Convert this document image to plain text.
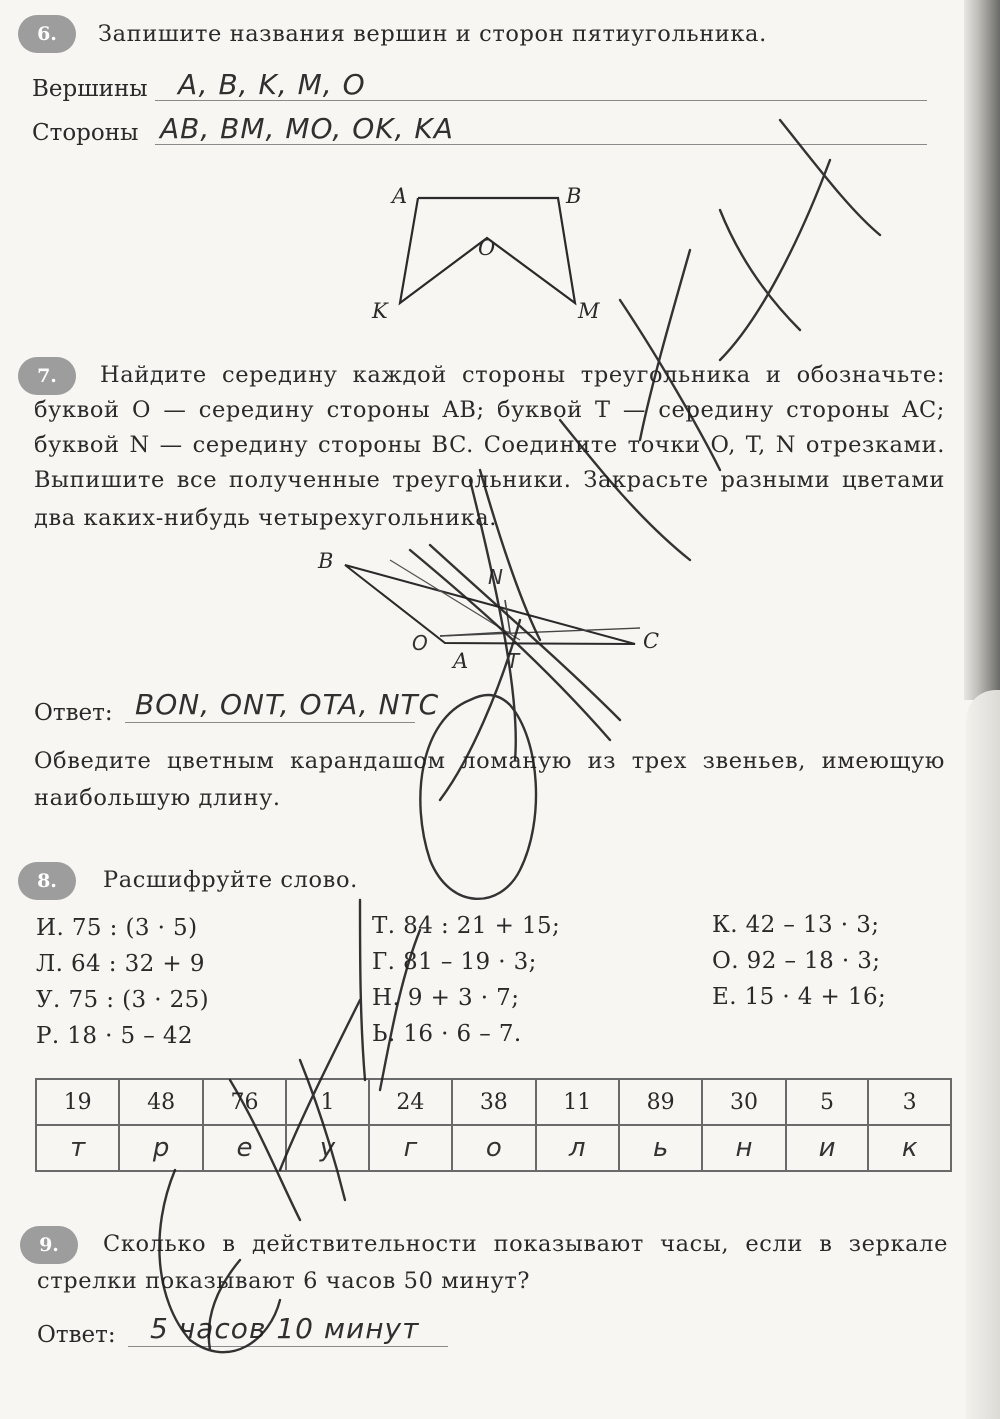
6.	Запишите названия вершин и сторон пятиугольника.
Вершины A, B, K, M, O
Стороны AB, BM, MO, OK, KA
A	B
O
K	M
7.	Найдите середину каждой стороны треугольника и обозначьте:
буквой O — середину стороны AB; буквой T — середину стороны AC;
буквой N — середину стороны BC. Соедините точки O, T, N отрезками.
Выпишите все полученные треугольники. Закрасьте разными цветами
два каких-нибудь четырехугольника.
B
C
A
O
T
N
Ответ: BON, ONT, OTA, NTC
Обведите цветным карандашом ломаную из трех звеньев, имеющую
наибольшую длину.
8.	Расшифруйте слово.
И. 75 : (3 · 5)
Л. 64 : 32 + 9
У. 75 : (3 · 25)
Р. 18 · 5 – 42
Т. 84 : 21 + 15;
Г. 81 – 19 · 3;
Н. 9 + 3 · 7;
Ь. 16 · 6 – 7.
К. 42 – 13 · 3;
О. 92 – 18 · 3;
Е. 15 · 4 + 16;
19	48	76	1	24	38	11	89	30	5	3
т	р	е	у	г	о	л	ь	н	и	к
9.	Сколько в действительности показывают часы, если в зеркале
стрелки показывают 6 часов 50 минут?
Ответ: 5 часов 10 минут
